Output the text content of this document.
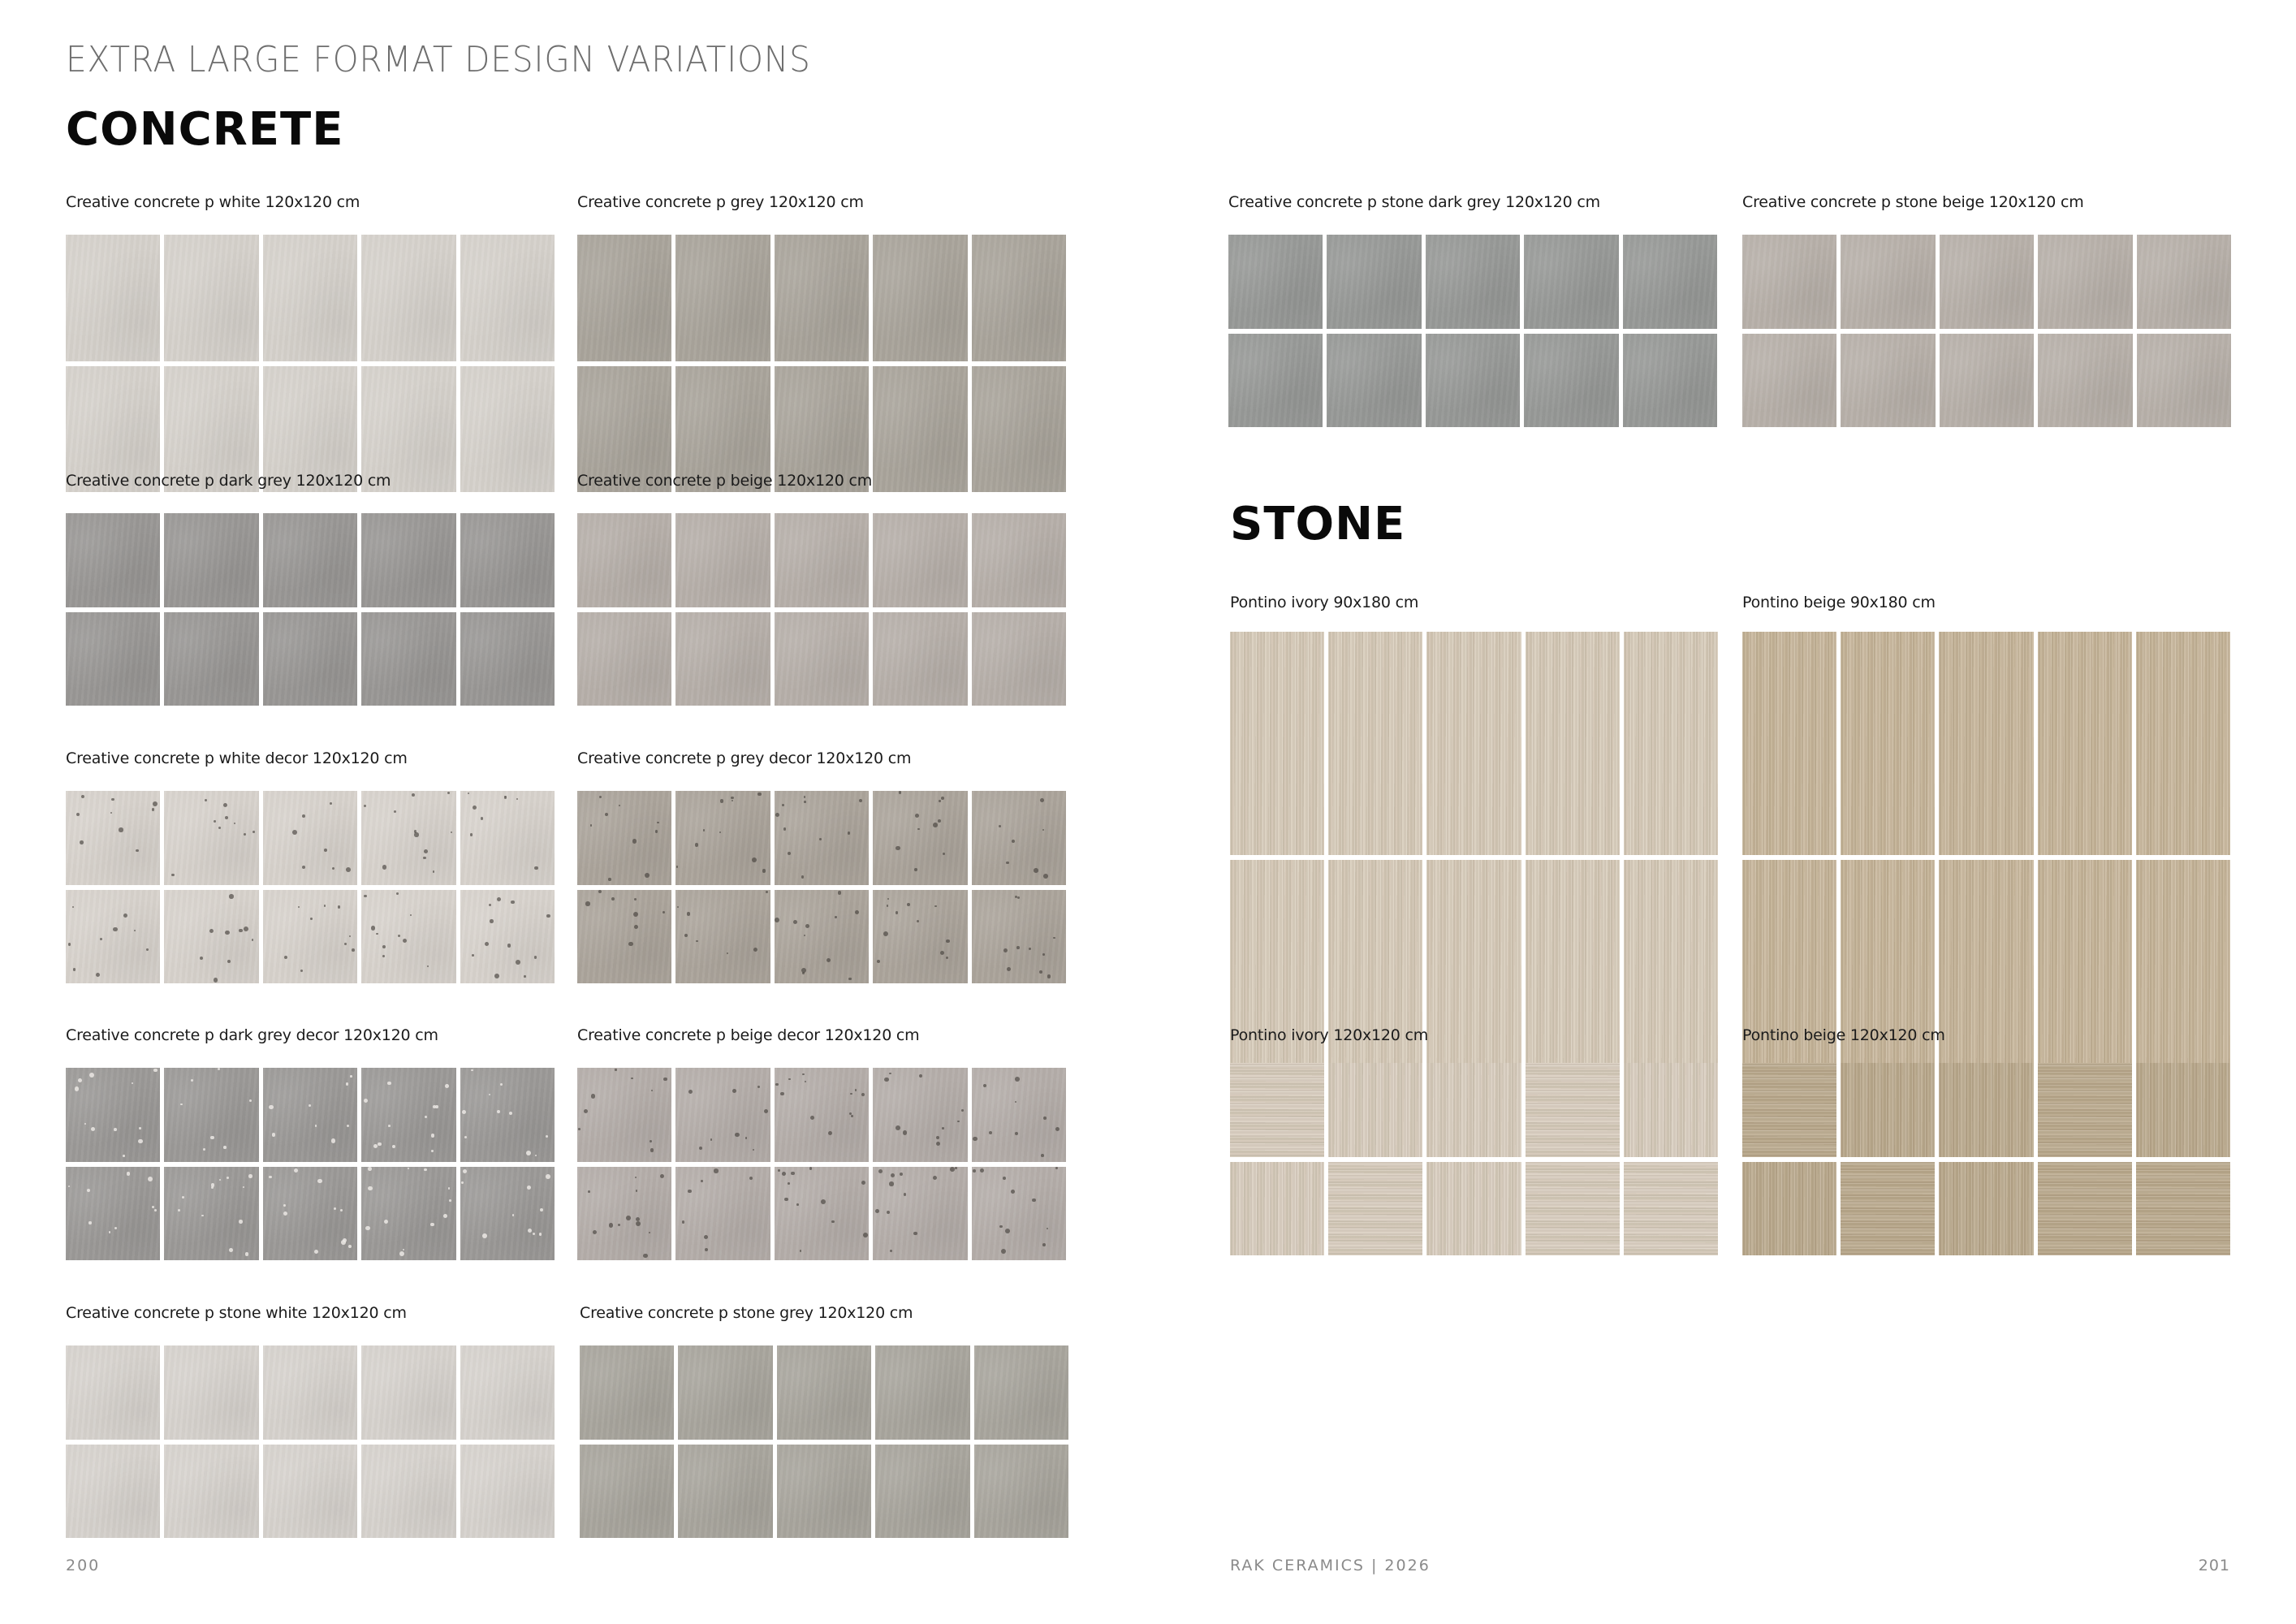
EXTRA LARGE FORMAT DESIGN VARIATIONS
CONCRETE
STONE
Creative concrete p white 120x120 cm	Creative concrete p grey 120x120 cm
Creative concrete p dark grey 120x120 cm	Creative concrete p beige 120x120 cm
Creative concrete p white decor 120x120 cm	Creative concrete p grey decor 120x120 cm
Creative concrete p dark grey decor 120x120 cm	Creative concrete p beige decor 120x120 cm
Creative concrete p stone white 120x120 cm	Creative concrete p stone grey 120x120 cm
Creative concrete p stone dark grey 120x120 cm	Creative concrete p stone beige 120x120 cm
Pontino ivory 90x180 cm	Pontino beige 90x180 cm
Pontino ivory 120x120 cm	Pontino beige 120x120 cm
200	RAK CERAMICS | 2026	201
